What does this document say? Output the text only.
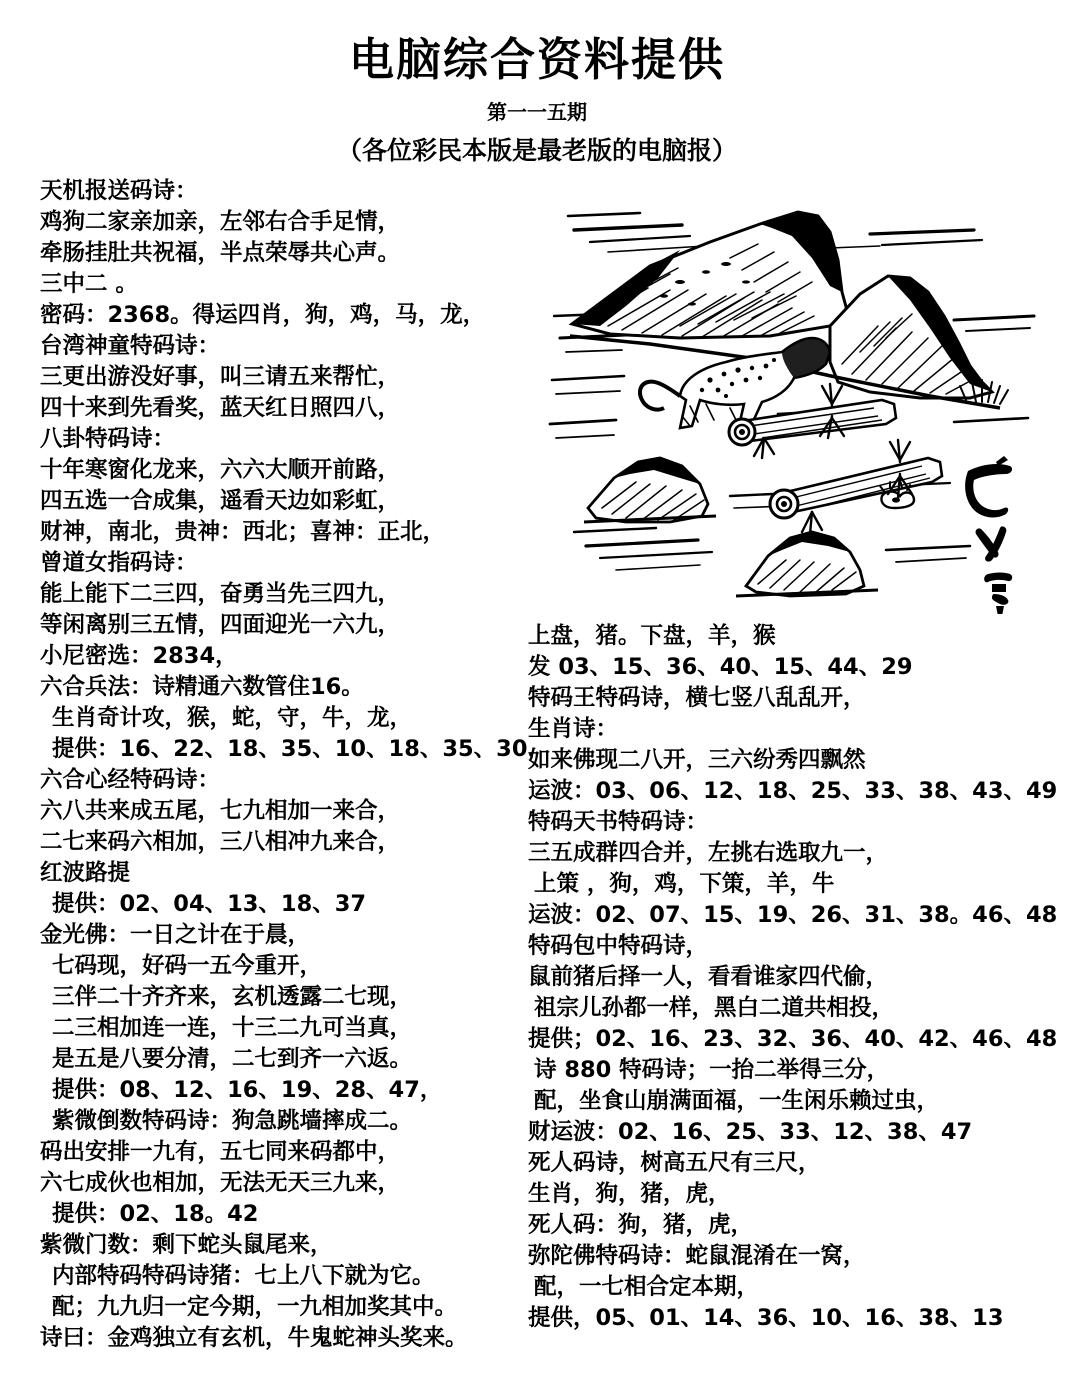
电脑综合资料提供
第一一五期
（各位彩民本版是最老版的电脑报）
天机报送码诗：
鸡狗二家亲加亲，左邻右合手足情，
牵肠挂肚共祝福，半点荣辱共心声。
三中二 。
密码：2368。得运四肖，狗，鸡，马，龙，
台湾神童特码诗：
三更出游没好事，叫三请五来帮忙，
四十来到先看奖，蓝天红日照四八，
八卦特码诗：
十年寒窗化龙来，六六大顺开前路，
四五选一合成集，遥看天边如彩虹，
财神，南北，贵神：西北；喜神：正北，
曾道女指码诗：
能上能下二三四，奋勇当先三四九，
等闲离别三五情，四面迎光一六九，
小尼密选：2834，
六合兵法：诗精通六数管住16。
生肖奇计攻，猴，蛇，守，牛，龙，
提供：16、22、18、35、10、18、35、30，
六合心经特码诗：
六八共来成五尾，七九相加一来合，
二七来码六相加，三八相冲九来合，
红波路提
提供：02、04、13、18、37
金光佛：一日之计在于晨，
七码现，好码一五今重开，
三伴二十齐齐来，玄机透露二七现，
二三相加连一连，十三二九可当真，
是五是八要分清，二七到齐一六返。
提供：08、12、16、19、28、47，
紫微倒数特码诗：狗急跳墙摔成二。
码出安排一九有，五七同来码都中，
六七成伙也相加，无法无天三九来，
提供：02、18。42
紫微门数：剩下蛇头鼠尾来，
内部特码特码诗猪：七上八下就为它。
配；九九归一定今期，一九相加奖其中。
诗曰：金鸡独立有玄机，牛鬼蛇神头奖来。
上盘，猪。下盘，羊，猴
发 03、15、36、40、15、44、29
特码王特码诗，横七竖八乱乱开，
生肖诗：
如来佛现二八开，三六纷秀四飘然
运波：03、06、12、18、25、33、38、43、49
特码天书特码诗：
三五成群四合并，左挑右选取九一，
上策 ，狗，鸡，下策，羊，牛
运波：02、07、15、19、26、31、38。46、48
特码包中特码诗，
鼠前猪后择一人，看看谁家四代偷，
祖宗儿孙都一样，黑白二道共相投，
提供；02、16、23、32、36、40、42、46、48
诗 880 特码诗；一抬二举得三分，
配，坐食山崩满面福，一生闲乐赖过虫，
财运波：02、16、25、33、12、38、47
死人码诗，树高五尺有三尺，
生肖，狗，猪，虎，
死人码：狗，猪，虎，
弥陀佛特码诗：蛇鼠混淆在一窝，
配，一七相合定本期，
提供，05、01、14、36、10、16、38、13
